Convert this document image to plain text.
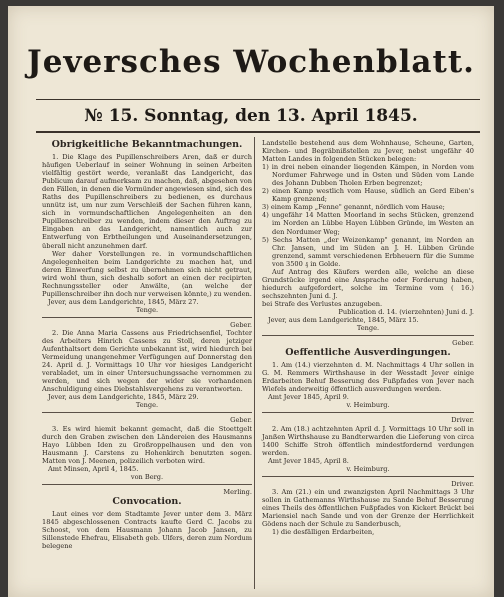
Jeversches Wochenblatt.
№ 15. Sonntag, den 13. April 1845.
Obrigkeitliche Bekanntmachungen.

1. Die Klage des Pupillenschreibers Aren, daß er durch häufigen Ueberlauf in seiner Wohnung in seinen Arbeiten vielfältig gestört werde, veranlaßt das Landgericht, das Publicum darauf aufmerksam zu machen, daß, abgesehen von den Fällen, in denen die Vormünder angewiesen sind, sich des Raths des Pupillenschreibers zu bedienen, es durchaus unnütz ist, um nur zum Verschleiß der Sachen führen kann, sich in vormundschaftlichen Angelegenheiten an den Pupillenschreiber zu wenden, indem dieser den Auftrag zu Eingaben an das Landgericht, namentlich auch zur Entwerfung von Erbtheilungen und Auseinandersetzungen, überall nicht anzunehmen darf.

Wer daher Vorstellungen re. in vormundschaftlichen Angelegenheiten beim Landgerichte zu machen hat, und deren Einwerfung selbst zu übernehmen sich nicht getraut, wird wohl thun, sich deshalb sofort an einen der recipirten Rechnungssteller oder Anwälte, (an welche der Pupillenschreiber ihn doch nur verweisen könnte,) zu wenden.

Jever, aus dem Landgerichte, 1845, März 27.

Tenge.

Geber.

2. Die Anna Maria Cassens aus Friedrichsenfiel, Tochter des Arbeiters Hinrich Cassens zu Stoll, deren jetziger Aufenthaltsort dem Gerichte unbekannt ist, wird hiedurch bei Vermeidung unangenehmer Verfügungen auf Donnerstag den 24. April d. J. Vormittags 10 Uhr vor hiesiges Landgericht verabladet, um in einer Untersuchungssache vernommen zu werden, und sich wegen der wider sie vorhandenen Anschuldigung eines Diebstahlsvergehens zu verantworten.

Jever, aus dem Landgerichte, 1845, März 29.

Tenge.

Geber.

3. Es wird hiemit bekannt gemacht, daß die Stoettgelt durch den Graben zwischen den Ländereien des Hausmanns Hayo Lübben Iden zu Großroppelhausen und den von Hausmann J. Carstens zu Hohenkirch benutzten sogen. Matten von J. Meenen, polizeilich verboten wird.

Amt Minsen, April 4, 1845.

von Berg.

Merling.

Convocation.

Laut eines vor dem Stadtamte Jever unter dem 3. März 1845 abgeschlossenen Contracts kaufte Gerd C. Jacobs zu Schoost, von dem Hausmann Johann Jacob Jansen, zu Sillenstede Ehefrau, Elisabeth geb. Ulfers, deren zum Nordum belegene

Landstelle bestehend aus dem Wohnhause, Scheune, Garten, Kirchen- und Begräbnißstellen zu Jever, nebst ungefähr 40 Matten Landes in folgenden Stücken belegen:

1) in drei neben einander liegenden Kämpen, in Norden vom Nordumer Fahrwege und in Osten und Süden vom Lande des Johann Dubben Tholen Erben begrenzet;

2) einen Kamp westlich vom Hause, südlich an Gerd Eiben's Kamp grenzend;

3) einem Kamp „Fenne" genannt, nördlich vom Hause;

4) ungefähr 14 Matten Moorland in sechs Stücken, grenzend im Norden an Lübbe Hayen Lübben Gründe, im Westen an den Nordumer Weg;

5) Sechs Matten „der Weizenkamp" genannt, im Norden an Chr. Jansen, und im Süden an J. H. Lübben Gründe grenzend, sammt verschiedenen Erbheuern für die Summe von 3500 ₰ in Golde.

Auf Antrag des Käufers werden alle, welche an diese Grundstücke irgend eine Ansprache oder Forderung haben, hiedurch aufgefordert, solche im Termine vom ( 16.) sechszehnten Juni d. J.

bei Strafe des Verlustes anzugeben.

Publication d. 14. (vierzehnten) Juni d. J.

Jever, aus dem Landgerichte, 1845, März 15.

Tenge.

Geber.

Oeffentliche Ausverdingungen.

1. Am (14.) vierzehnten d. M. Nachmittags 4 Uhr sollen in G. M. Remmers Wirthshause in der Wesstadt Jever einige Erdarbeiten Behuf Besserung des Fußpfades von Jever nach Wiefels anderweitig öffentlich ausverdungen werden.

Amt Jever 1845, April 9.

v. Heimburg.

Driver.

2. Am (18.) achtzehnten April d. J. Vormittags 10 Uhr soll in Janßen Wirthshause zu Bandterwarden die Lieferung von circa 1400 Schiffe Stroh öffentlich mindestfordernd verdungen werden.

Amt Jever 1845, April 8.

v. Heimburg.

Driver.

3. Am (21.) ein und zwanzigsten April Nachmittags 3 Uhr sollen in Gathemanns Wirthshause zu Sande Behuf Besserung eines Theils des öffentlichen Fußpfades von Kickert Brückt bei Mariensiel nach Sande und von der Grenze der Herrlichkeit Gödens nach der Schule zu Sanderbusch,

1) die desfälligen Erdarbeiten,
